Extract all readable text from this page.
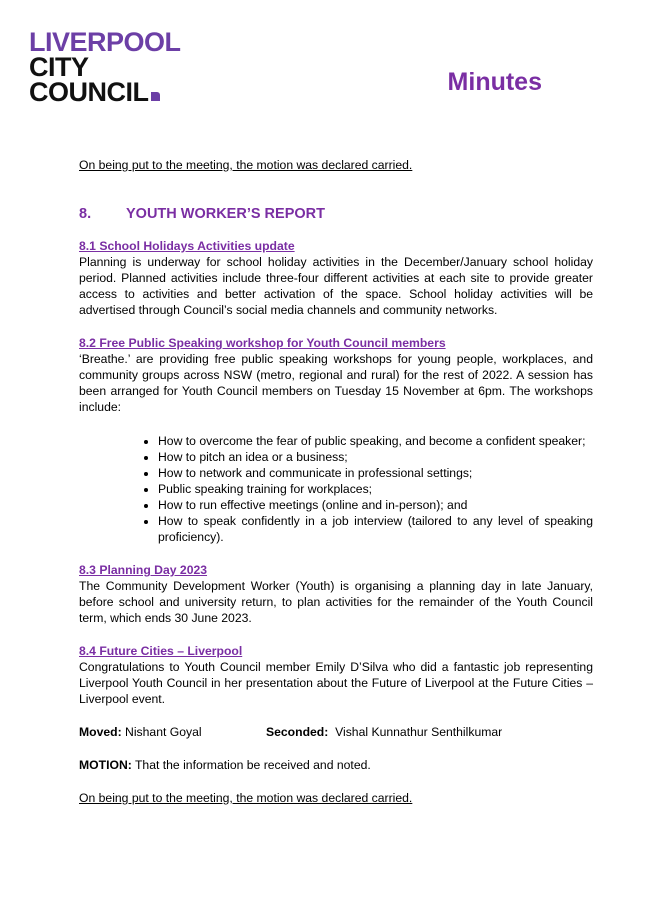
LIVERPOOL
CITY
COUNCIL	Minutes

On being put to the meeting, the motion was declared carried.

8.	YOUTH WORKER’S REPORT
8.1 School Holidays Activities update

Planning is underway for school holiday activities in the December/January school holiday period. Planned activities include three-four different activities at each site to provide greater access to activities and better activation of the space. School holiday activities will be advertised through Council’s social media channels and community networks.

8.2 Free Public Speaking workshop for Youth Council members

‘Breathe.’ are providing free public speaking workshops for young people, workplaces, and community groups across NSW (metro, regional and rural) for the rest of 2022. A session has been arranged for Youth Council members on Tuesday 15 November at 6pm. The workshops include:

• How to overcome the fear of public speaking, and become a confident speaker;
• How to pitch an idea or a business;
• How to network and communicate in professional settings;
• Public speaking training for workplaces;
• How to run effective meetings (online and in-person); and
• How to speak confidently in a job interview (tailored to any level of speaking proficiency).
8.3 Planning Day 2023

The Community Development Worker (Youth) is organising a planning day in late January, before school and university return, to plan activities for the remainder of the Youth Council term, which ends 30 June 2023.

8.4 Future Cities – Liverpool

Congratulations to Youth Council member Emily D’Silva who did a fantastic job representing Liverpool Youth Council in her presentation about the Future of Liverpool at the Future Cities – Liverpool event.

Moved: Nishant Goyal	Seconded: Vishal Kunnathur Senthilkumar

MOTION: That the information be received and noted.

On being put to the meeting, the motion was declared carried.
